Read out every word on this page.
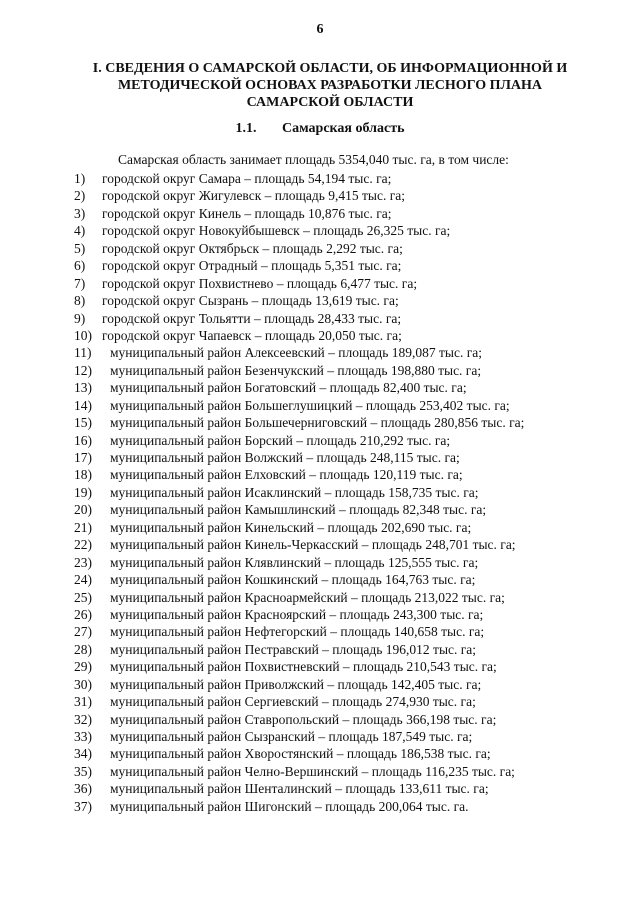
6
I. СВЕДЕНИЯ О САМАРСКОЙ ОБЛАСТИ, ОБ ИНФОРМАЦИОННОЙ И
МЕТОДИЧЕСКОЙ ОСНОВАХ РАЗРАБОТКИ ЛЕСНОГО ПЛАНА
САМАРСКОЙ ОБЛАСТИ
1.1. Самарская область
Самарская область занимает площадь 5354,040 тыс. га, в том числе:
1) городской округ Самара – площадь 54,194 тыс. га;
2) городской округ Жигулевск – площадь 9,415 тыс. га;
3) городской округ Кинель – площадь 10,876 тыс. га;
4) городской округ Новокуйбышевск – площадь 26,325 тыс. га;
5) городской округ Октябрьск – площадь 2,292 тыс. га;
6) городской округ Отрадный – площадь 5,351 тыс. га;
7) городской округ Похвистнево – площадь 6,477 тыс. га;
8) городской округ Сызрань – площадь 13,619 тыс. га;
9) городской округ Тольятти – площадь 28,433 тыс. га;
10) городской округ Чапаевск – площадь 20,050 тыс. га;
11) муниципальный район Алексеевский – площадь 189,087 тыс. га;
12) муниципальный район Безенчукский – площадь 198,880 тыс. га;
13) муниципальный район Богатовский – площадь 82,400 тыс. га;
14) муниципальный район Большеглушицкий – площадь 253,402 тыс. га;
15) муниципальный район Большечерниговский – площадь 280,856 тыс. га;
16) муниципальный район Борский – площадь 210,292 тыс. га;
17) муниципальный район Волжский – площадь 248,115 тыс. га;
18) муниципальный район Елховский – площадь 120,119 тыс. га;
19) муниципальный район Исаклинский – площадь 158,735 тыс. га;
20) муниципальный район Камышлинский – площадь 82,348 тыс. га;
21) муниципальный район Кинельский – площадь 202,690 тыс. га;
22) муниципальный район Кинель-Черкасский – площадь 248,701 тыс. га;
23) муниципальный район Клявлинский – площадь 125,555 тыс. га;
24) муниципальный район Кошкинский – площадь 164,763 тыс. га;
25) муниципальный район Красноармейский – площадь 213,022 тыс. га;
26) муниципальный район Красноярский – площадь 243,300 тыс. га;
27) муниципальный район Нефтегорский – площадь 140,658 тыс. га;
28) муниципальный район Пестравский – площадь 196,012 тыс. га;
29) муниципальный район Похвистневский – площадь 210,543 тыс. га;
30) муниципальный район Приволжский – площадь 142,405 тыс. га;
31) муниципальный район Сергиевский – площадь 274,930 тыс. га;
32) муниципальный район Ставропольский – площадь 366,198 тыс. га;
33) муниципальный район Сызранский – площадь 187,549 тыс. га;
34) муниципальный район Хворостянский – площадь 186,538 тыс. га;
35) муниципальный район Челно-Вершинский – площадь 116,235 тыс. га;
36) муниципальный район Шенталинский – площадь 133,611 тыс. га;
37) муниципальный район Шигонский – площадь 200,064 тыс. га.
